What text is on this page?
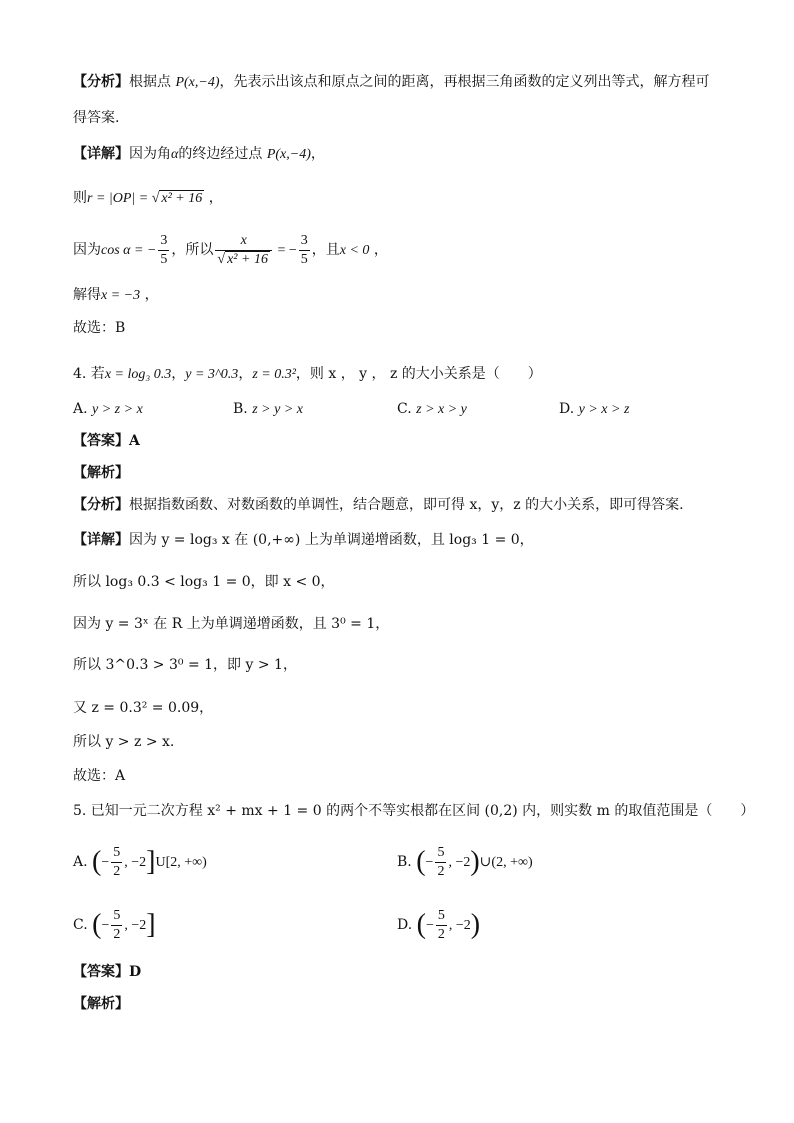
【分析】根据点 P(x,−4)，先表示出该点和原点之间的距离，再根据三角函数的定义列出等式，解方程可
得答案.
【详解】因为角α的终边经过点 P(x,−4)，
则r = |OP| = √ x² + 16 ，
因为cos α = − $\frac{3}{5}$ ，所以 $\frac{x}{\text{√ x² + 16}}$ = − $\frac{3}{5}$ ，且x < 0 ，
解得x = −3 ，
故选：B
4. 若x = log₃ 0.3，y = 3^0.3，z = 0.3²，则 x ， y ， z 的大小关系是（　　）
A. y > z > x	B. z > y > x	C. z > x > y	D. y > x > z
【答案】A
【解析】
【分析】根据指数函数、对数函数的单调性，结合题意，即可得 x，y，z 的大小关系，即可得答案.
【详解】因为 y = log₃ x 在 (0,+∞) 上为单调递增函数，且 log₃ 1 = 0，
所以 log₃ 0.3 < log₃ 1 = 0，即 x < 0，
因为 y = 3ˣ 在 R 上为单调递增函数，且 3⁰ = 1，
所以 3^0.3 > 3⁰ = 1，即 y > 1，
又 z = 0.3² = 0.09，
所以 y > z > x.
故选：A
5. 已知一元二次方程 x² + mx + 1 = 0 的两个不等实根都在区间 (0,2) 内，则实数 m 的取值范围是（　　）
A. (− $\frac{5}{2}$ , −2]U[2, +∞)	B. (− $\frac{5}{2}$ , −2)∪(2, +∞)
C. (− $\frac{5}{2}$ , −2]	D. (− $\frac{5}{2}$ , −2)
【答案】D
【解析】
